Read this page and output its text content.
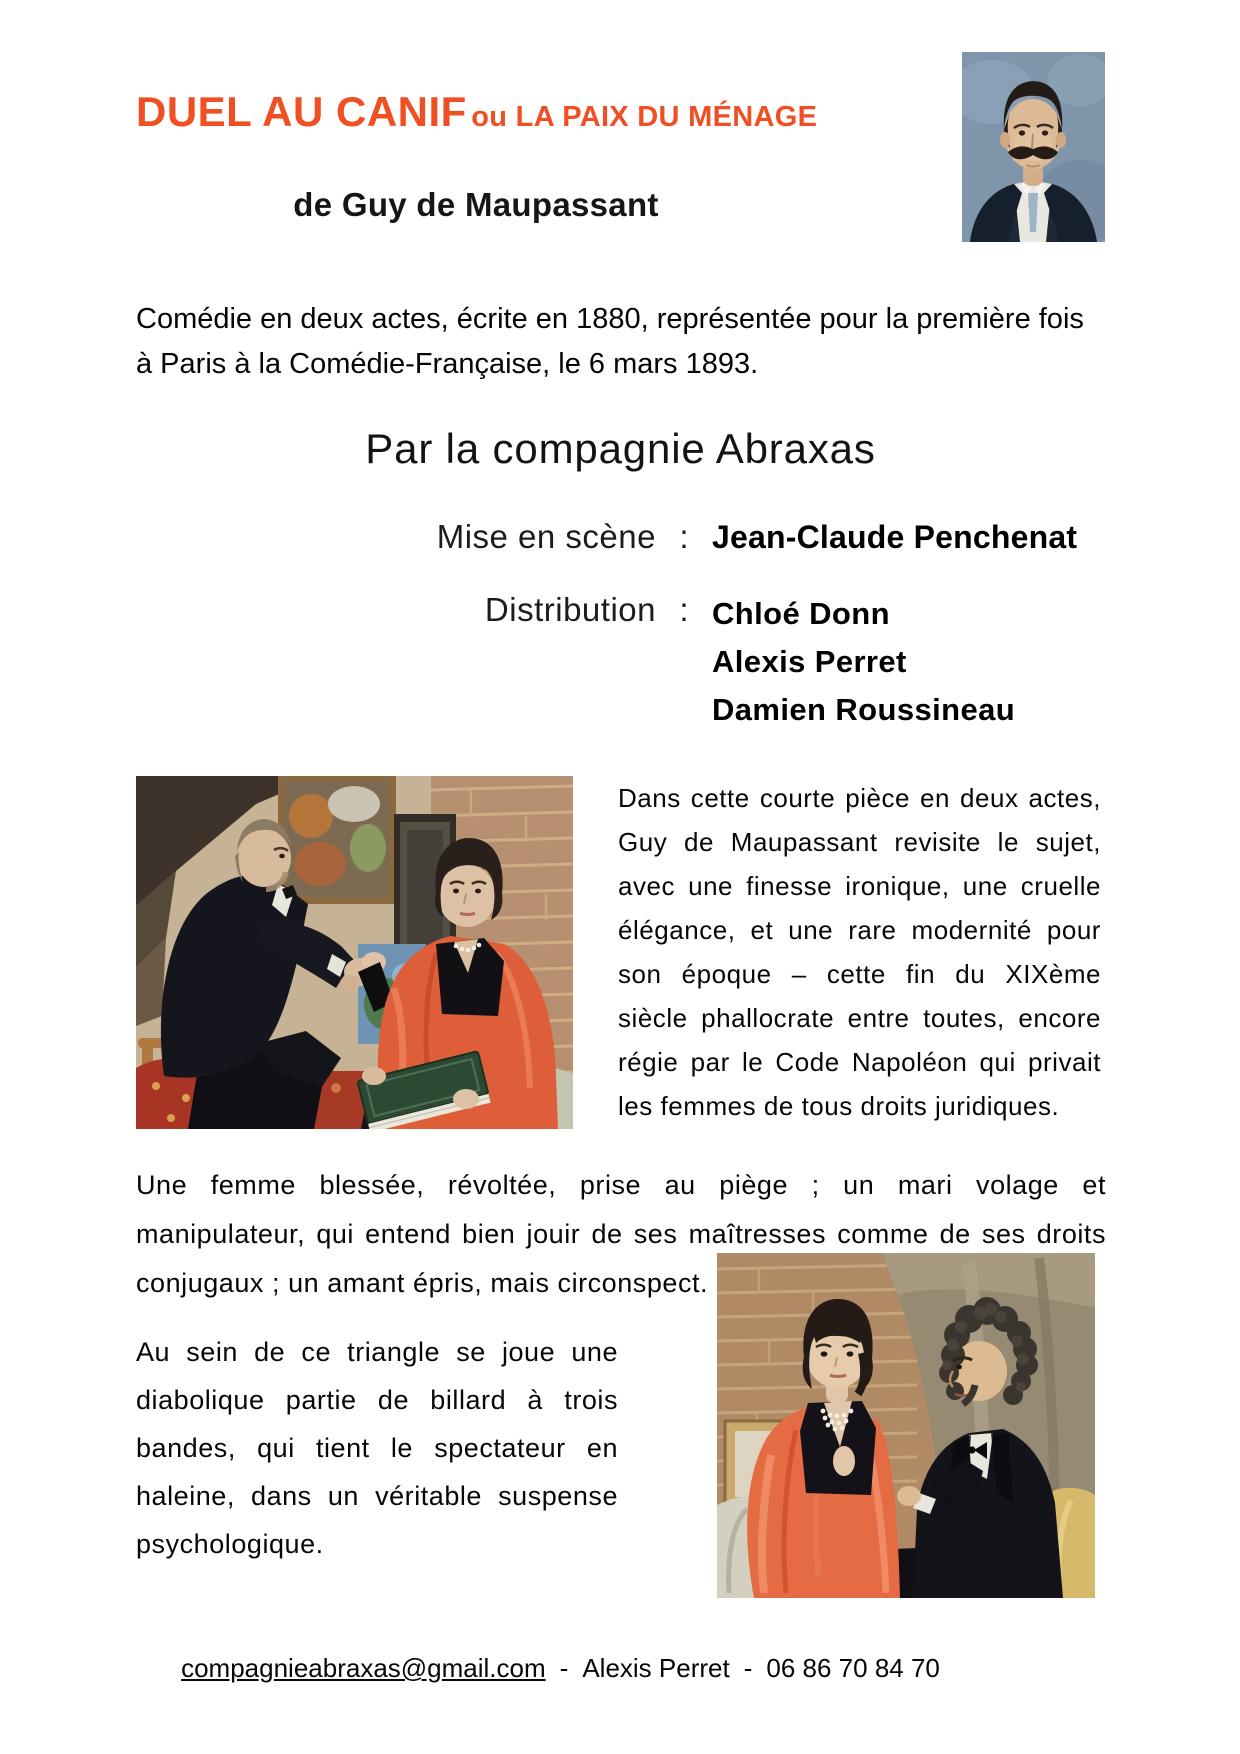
DUEL AU CANIF ou LA PAIX DU MÉNAGE
de Guy de Maupassant
Comédie en deux actes, écrite en 1880, représentée pour la première fois à Paris à la Comédie-Française, le 6 mars 1893.
Par la compagnie Abraxas
Mise en scène : Jean-Claude Penchenat
Distribution : Chloé Donn
Alexis Perret
Damien Roussineau
Dans cette courte pièce en deux actes, Guy de Maupassant revisite le sujet, avec une finesse ironique, une cruelle élégance, et une rare modernité pour son époque – cette fin du XIXème siècle phallocrate entre toutes, encore régie par le Code Napoléon qui privait les femmes de tous droits juridiques.
Une femme blessée, révoltée, prise au piège ; un mari volage et manipulateur, qui entend bien jouir de ses maîtresses comme de ses droits conjugaux ; un amant épris, mais circonspect.
Au sein de ce triangle se joue une diabolique partie de billard à trois bandes, qui tient le spectateur en haleine, dans un véritable suspense psychologique.
compagnieabraxas@gmail.com - Alexis Perret - 06 86 70 84 70
